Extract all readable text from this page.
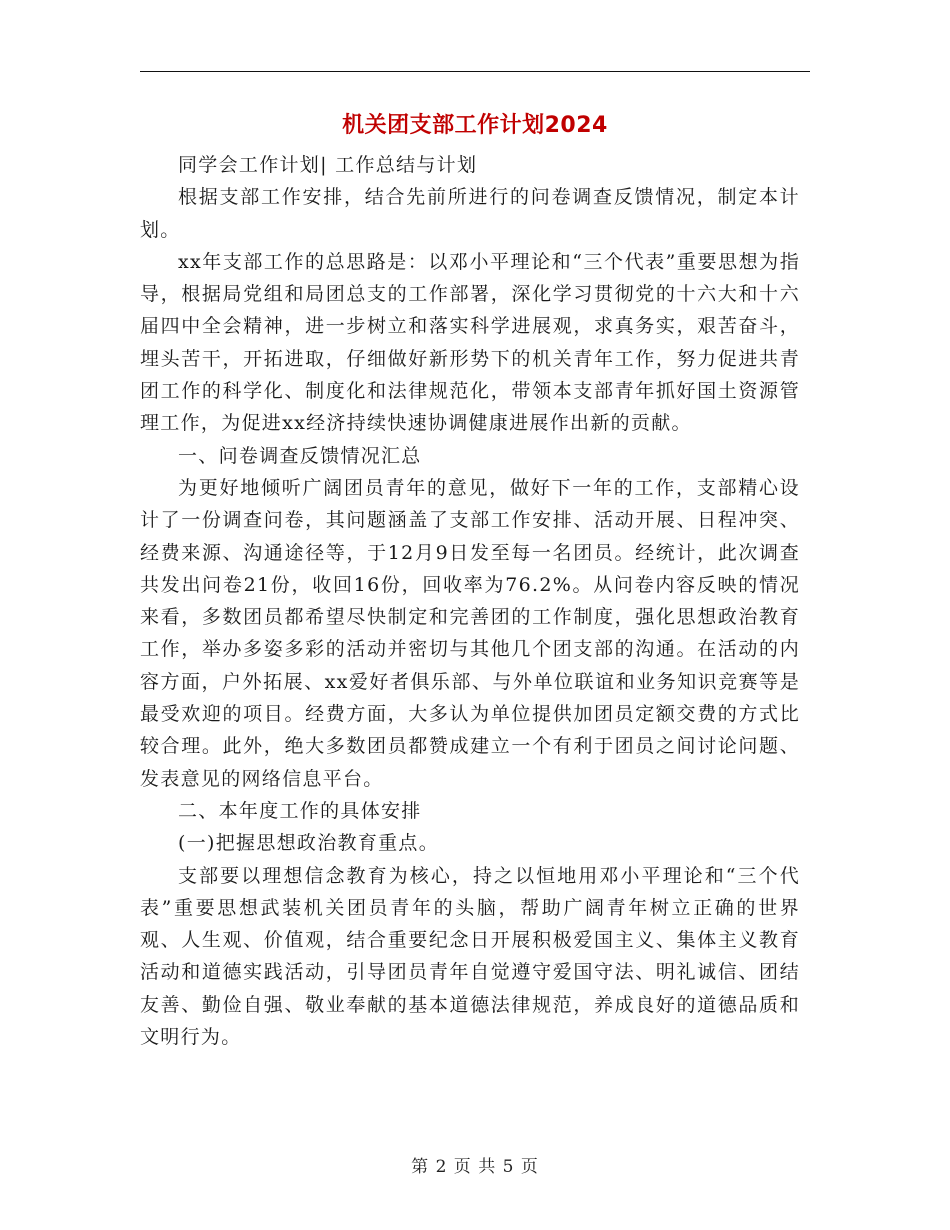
机关团支部工作计划2024

同学会工作计划| 工作总结与计划

根据支部工作安排，结合先前所进行的问卷调查反馈情况，制定本计划。

xx年支部工作的总思路是：以邓小平理论和“三个代表”重要思想为指导，根据局党组和局团总支的工作部署，深化学习贯彻党的十六大和十六届四中全会精神，进一步树立和落实科学进展观，求真务实，艰苦奋斗，埋头苦干，开拓进取，仔细做好新形势下的机关青年工作，努力促进共青团工作的科学化、制度化和法律规范化，带领本支部青年抓好国土资源管理工作，为促进xx经济持续快速协调健康进展作出新的贡献。

一、问卷调查反馈情况汇总

为更好地倾听广阔团员青年的意见，做好下一年的工作，支部精心设计了一份调查问卷，其问题涵盖了支部工作安排、活动开展、日程冲突、经费来源、沟通途径等，于12月9日发至每一名团员。经统计，此次调查共发出问卷21份，收回16份，回收率为76.2%。从问卷内容反映的情况来看，多数团员都希望尽快制定和完善团的工作制度，强化思想政治教育工作，举办多姿多彩的活动并密切与其他几个团支部的沟通。在活动的内容方面，户外拓展、xx爱好者俱乐部、与外单位联谊和业务知识竞赛等是最受欢迎的项目。经费方面，大多认为单位提供加团员定额交费的方式比较合理。此外，绝大多数团员都赞成建立一个有利于团员之间讨论问题、发表意见的网络信息平台。

二、本年度工作的具体安排

(一)把握思想政治教育重点。

支部要以理想信念教育为核心，持之以恒地用邓小平理论和“三个代表”重要思想武装机关团员青年的头脑，帮助广阔青年树立正确的世界观、人生观、价值观，结合重要纪念日开展积极爱国主义、集体主义教育活动和道德实践活动，引导团员青年自觉遵守爱国守法、明礼诚信、团结友善、勤俭自强、敬业奉献的基本道德法律规范，养成良好的道德品质和文明行为。

第 2 页 共 5 页
